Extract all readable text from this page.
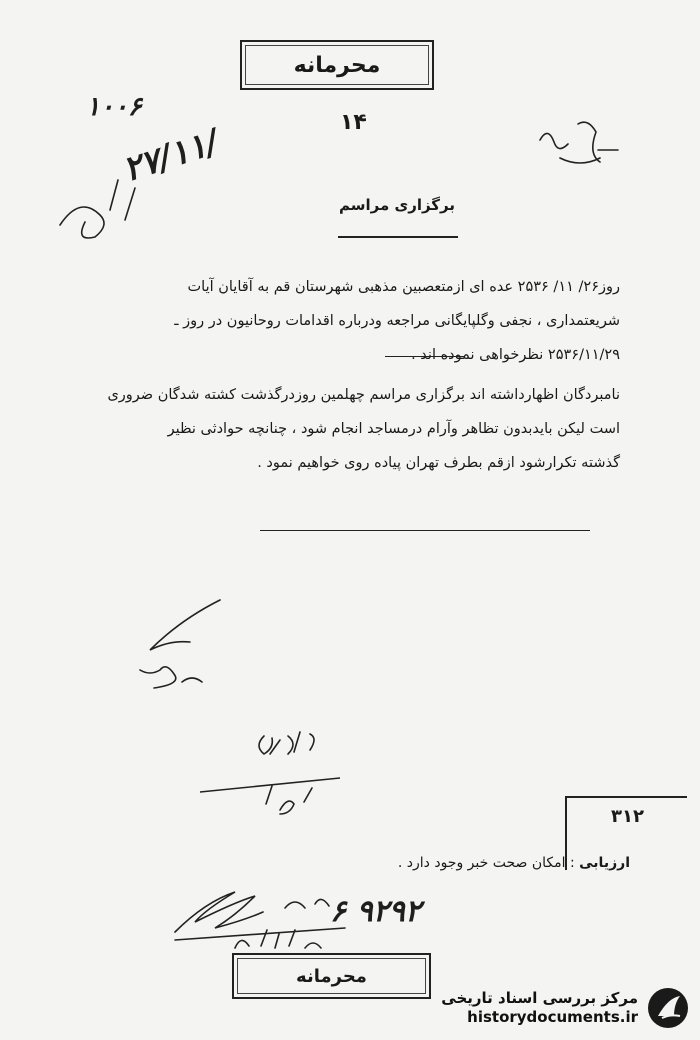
محرمانه
۱۰۰۶
۱۴
۲۷/۱۱/
برگزاری مراسم
روز۲۶/ ۱۱/ ۲۵۳۶ عده ای ازمتعصبین مذهبی شهرستان قم به آقایان آیات
شریعتمداری ، نجفی وگلپایگانی مراجعه ودرباره اقدامات روحانیون در روز ـ
۲۵۳۶/۱۱/۲۹ نظرخواهی نموده اند .
نامبردگان اظهارداشته اند برگزاری مراسم چهلمین روزدرگذشت کشته شدگان ضروری
است لیکن بایدبدون تظاهر وآرام درمساجد انجام شود ، چنانچه حوادثی نظیر
گذشته تکرارشود ازقم بطرف تهران پیاده روی خواهیم نمود .
۳۱۲
ارزیابی : امکان صحت خبر وجود دارد .
۹۲۹۲ ۶
محرمانه
مرکز بررسی اسناد تاریخی
historydocuments.ir
